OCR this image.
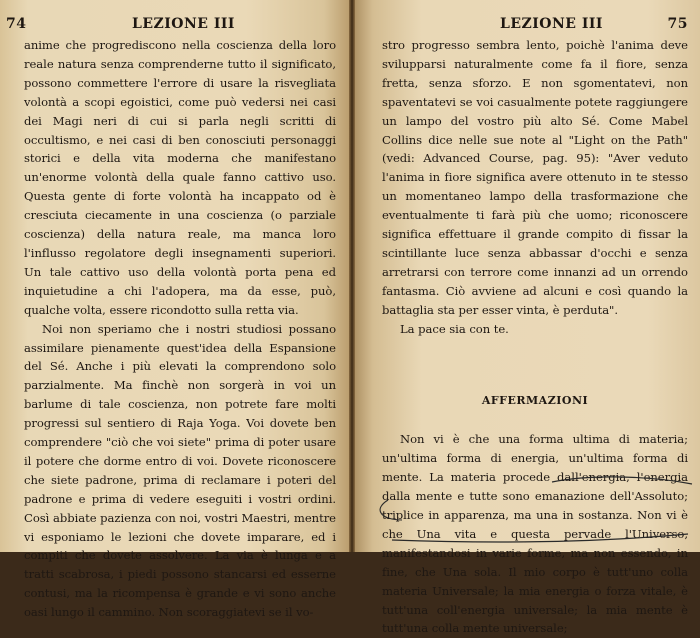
74	LEZIONE III

anime che progrediscono nella coscienza della loro reale natura senza comprenderne tutto il significato, possono commettere l'errore di usare la risvegliata volontà a scopi egoistici, come può vedersi nei casi dei Magi neri di cui si parla negli scritti di occultismo, e nei casi di ben conosciuti personaggi storici e della vita moderna che manifestano un'enorme volontà della quale fanno cattivo uso. Questa gente di forte volontà ha incappato od è cresciuta ciecamente in una coscienza (o parziale coscienza) della natura reale, ma manca loro l'influsso regolatore degli insegnamenti superiori. Un tale cattivo uso della volontà porta pena ed inquietudine a chi l'adopera, ma da esse, può, qualche volta, essere ricondotto sulla retta via.

Noi non speriamo che i nostri studiosi possano assimilare pienamente quest'idea della Espansione del Sé. Anche i più elevati la comprendono solo parzialmente. Ma finchè non sorgerà in voi un barlume di tale coscienza, non potrete fare molti progressi sul sentiero di Raja Yoga. Voi dovete ben comprendere "ciò che voi siete" prima di poter usare il potere che dorme entro di voi. Dovete riconoscere che siete padrone, prima di reclamare i poteri del padrone e prima di vedere eseguiti i vostri ordini. Così abbiate pazienza con noi, vostri Maestri, mentre vi esponiamo le lezioni che dovete imparare, ed i compiti che dovete assolvere. La via è lunga e a tratti scabrosa, i piedi possono stancarsi ed esserne contusi, ma la ricompensa è grande e vi sono anche oasi lungo il cammino. Non scoraggiatevi se il vo-

LEZIONE III	75

stro progresso sembra lento, poichè l'anima deve svilupparsi naturalmente come fa il fiore, senza fretta, senza sforzo. E non sgomentatevi, non spaventatevi se voi casualmente potete raggiungere un lampo del vostro più alto Sé. Come Mabel Collins dice nelle sue note al "Light on the Path" (vedi: Advanced Course, pag. 95): "Aver veduto l'anima in fiore significa avere ottenuto in te stesso un momentaneo lampo della trasformazione che eventualmente ti farà più che uomo; riconoscere significa effettuare il grande compito di fissar la scintillante luce senza abbassar d'occhi e senza arretrarsi con terrore come innanzi ad un orrendo fantasma. Ciò avviene ad alcuni e così quando la battaglia sta per esser vinta, è perduta".

La pace sia con te.

AFFERMAZIONI

Non vi è che una forma ultima di materia; un'ultima forma di energia, un'ultima forma di mente. La materia procede dall'energia, l'energia dalla mente e tutte sono emanazione dell'Assoluto; triplice in apparenza, ma una in sostanza. Non vi è che Una vita e questa pervade l'Universo, manifestandosi in varie forme, ma non essendo, in fine, che Una sola. Il mio corpo è tutt'uno colla materia Universale; la mia energia o forza vitale, è tutt'una coll'energia universale; la mia mente è tutt'una colla mente universale;
